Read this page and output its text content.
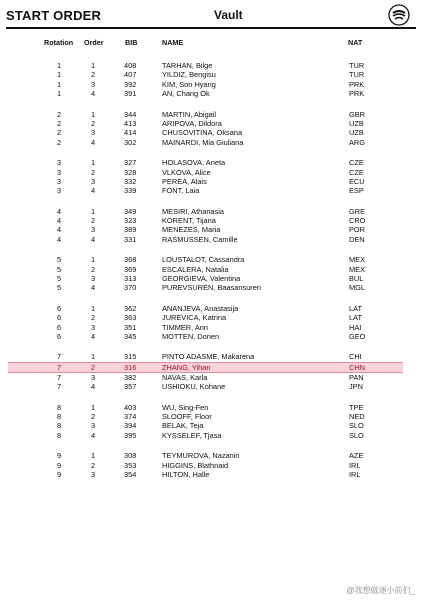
START ORDER	Vault
Rotation Order	BIB	NAME	NAT
1	1	408	TARHAN, Bilge	TUR
1	2	407	YILDIZ, Bengisu	TUR
1	3	392	KIM, Son Hyang	PRK
1	4	391	AN, Chang Ok	PRK
2	1	344	MARTIN, Abigail	GBR
2	2	413	ARIPOVA, Dildora	UZB
2	3	414	CHUSOVITINA, Oksana	UZB
2	4	302	MAINARDI, Mia Giuliana	ARG
3	1	327	HOLASOVA, Aneta	CZE
3	2	328	VLKOVA, Alice	CZE
3	3	332	PEREA, Alais	ECU
3	4	339	FONT, Laia	ESP
4	1	349	MESIRI, Athanasia	GRE
4	2	323	KORENT, Tijana	CRO
4	3	389	MENEZES, Maria	POR
4	4	331	RASMUSSEN, Camille	DEN
5	1	368	LOUSTALOT, Cassandra	MEX
5	2	369	ESCALERA, Natalia	MEX
5	3	313	GEORGIEVA, Valentina	BUL
5	4	370	PUREVSUREN, Baasansuren	MGL
6	1	362	ANANJEVA, Anastasija	LAT
6	2	363	JUREVICA, Katrina	LAT
6	3	351	TIMMER, Ann	HAI
6	4	345	MOTTEN, Dorien	GEO
7	1	315	PINTO ADASME, Makarena	CHI
7	2	316	ZHANG, Yihan	CHN
7	3	382	NAVAS, Karla	PAN
7	4	357	USHIOKU, Kohane	JPN
8	1	403	WU, Sing-Fen	TPE
8	2	374	SLOOFF, Floor	NED
8	3	394	BELAK, Teja	SLO
8	4	395	KYSSELEF, Tjasa	SLO
9	1	308	TEYMUROVA, Nazanin	AZE
9	2	353	HIGGINS, Blathnaid	IRL
9	3	354	HILTON, Halle	IRL
@我想做逐小前们_
